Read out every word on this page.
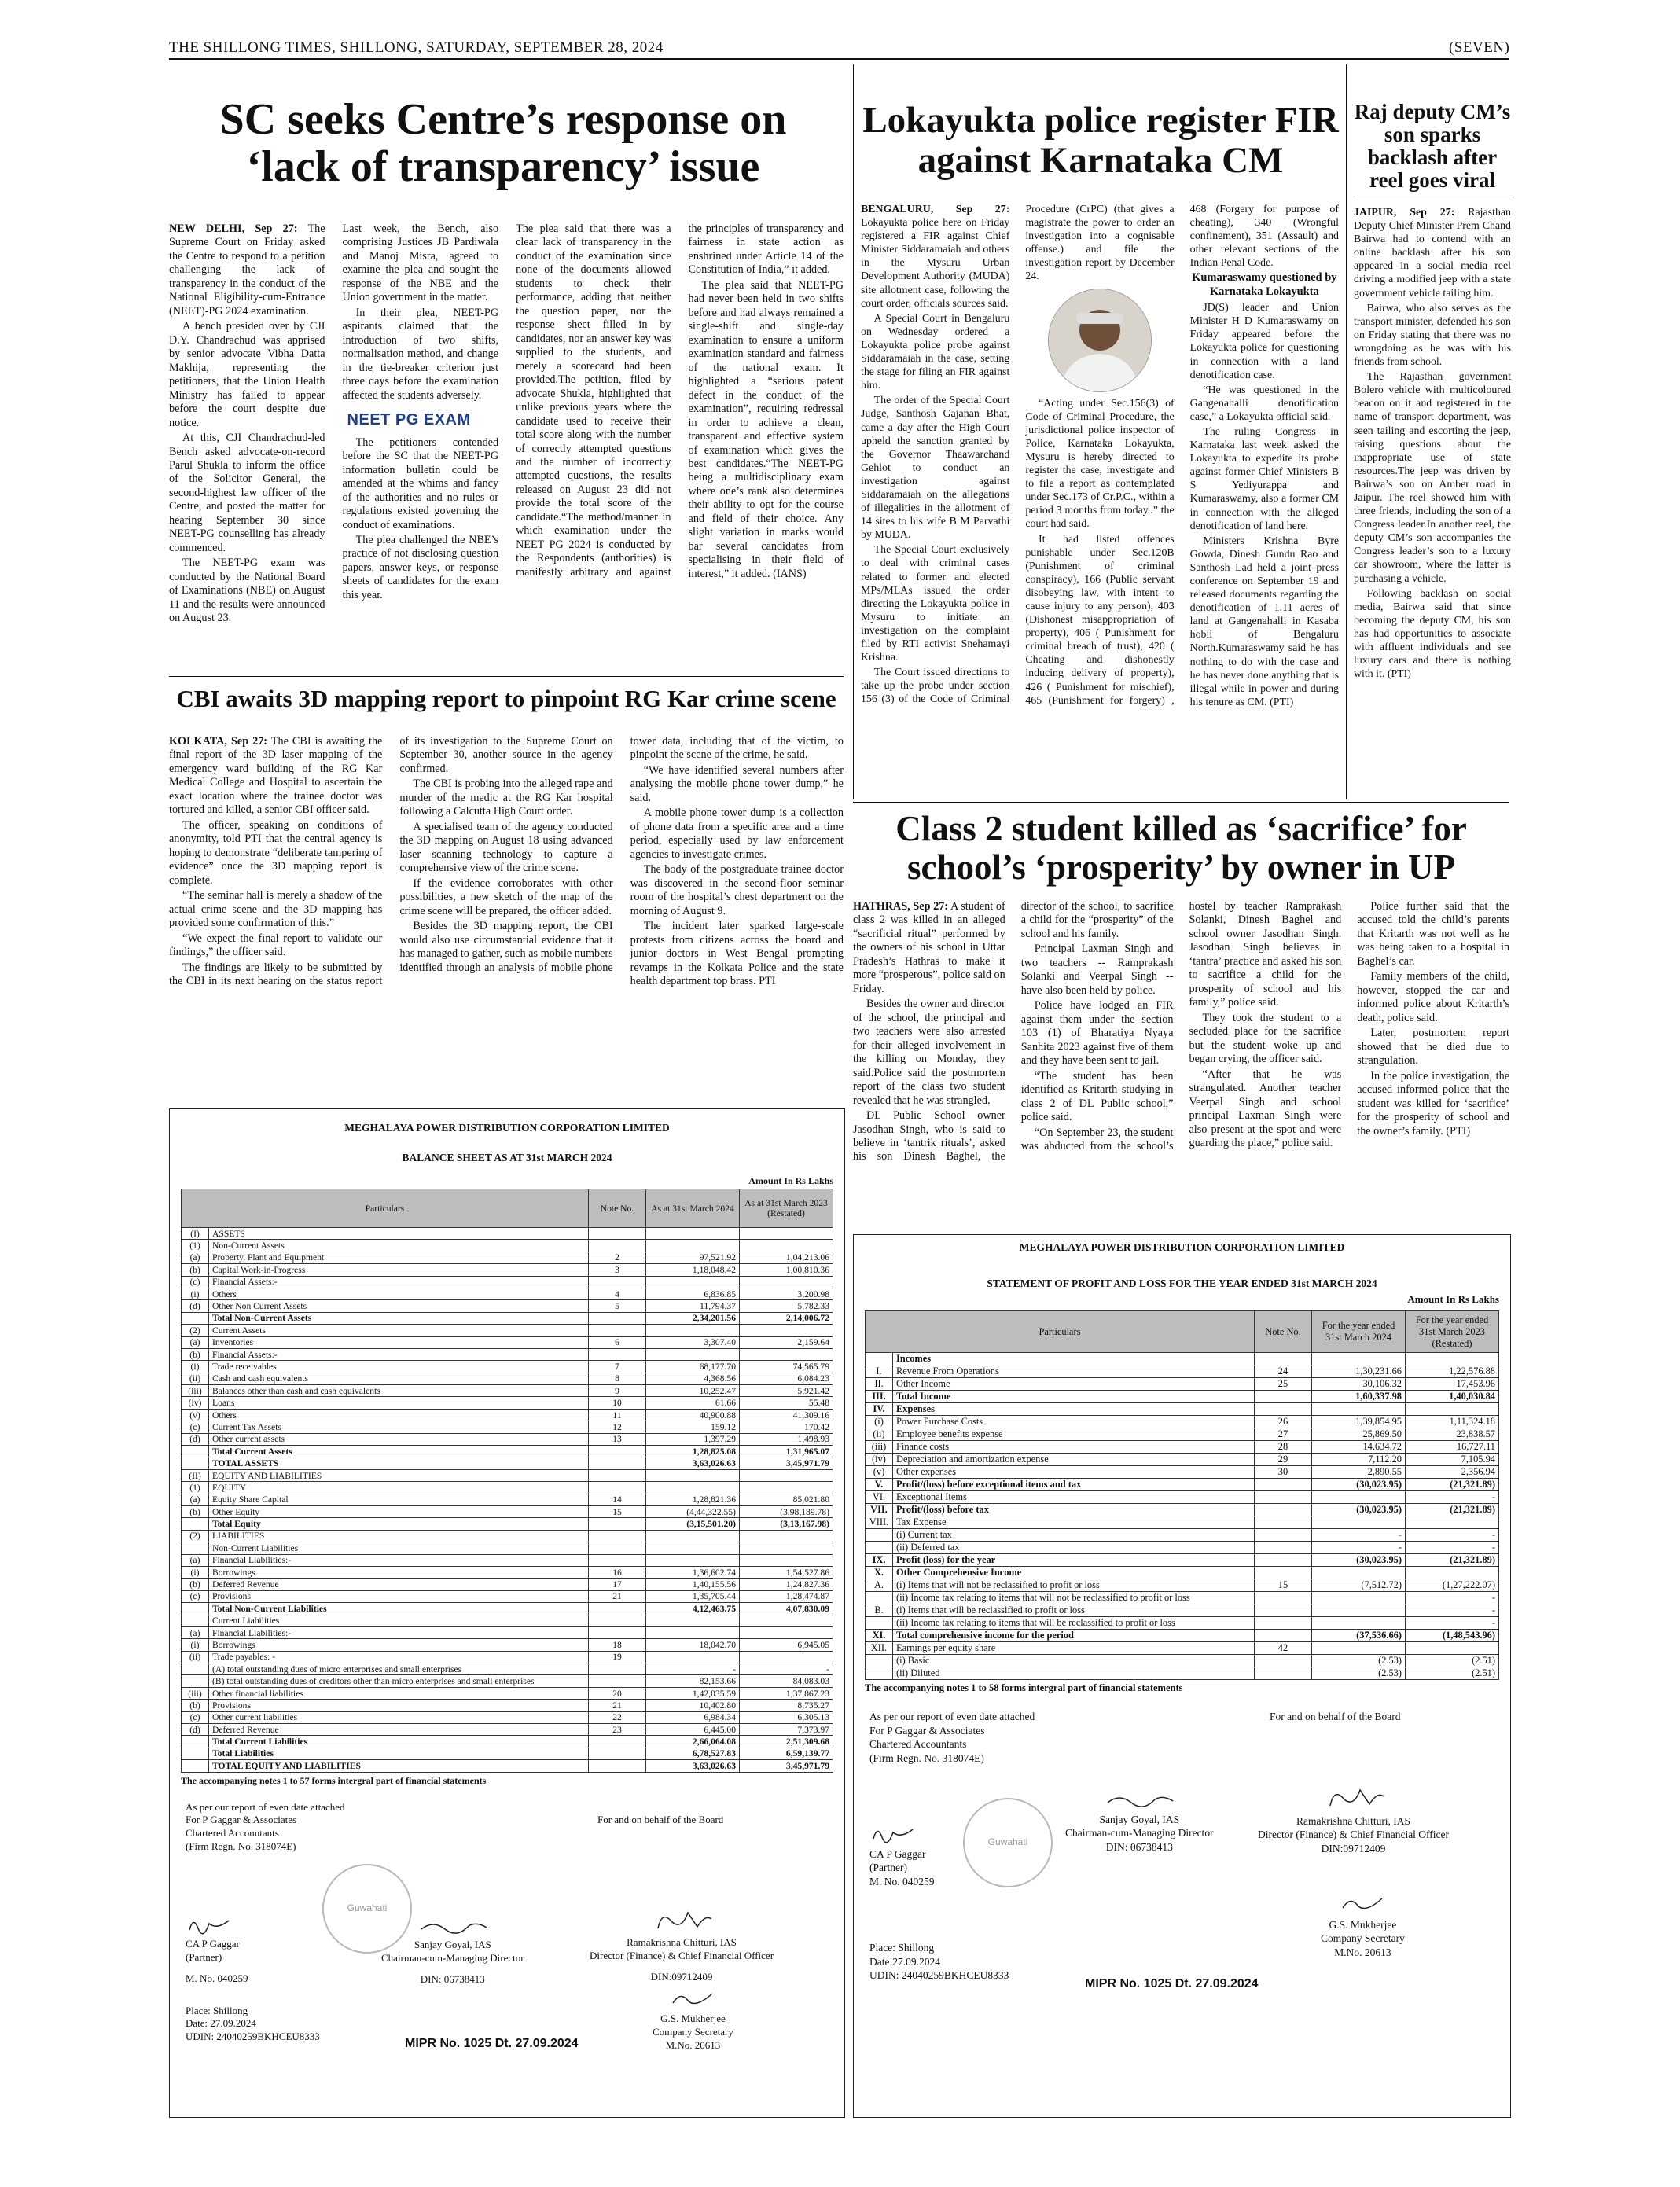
THE SHILLONG TIMES, SHILLONG, SATURDAY, SEPTEMBER 28, 2024	(SEVEN)
SC seeks Centre’s response on ‘lack of transparency’ issue

NEW DELHI, Sep 27: The Supreme Court on Friday asked the Centre to respond to a petition challenging the lack of transparency in the conduct of the National Eligibility-cum-Entrance (NEET)-PG 2024 examination.

A bench presided over by CJI D.Y. Chandrachud was apprised by senior advocate Vibha Datta Makhija, representing the petitioners, that the Union Health Ministry has failed to appear before the court despite due notice.

At this, CJI Chandrachud-led Bench asked advocate-on-record Parul Shukla to inform the office of the Solicitor General, the second-highest law officer of the Centre, and posted the matter for hearing September 30 since NEET-PG counselling has already commenced.

The NEET-PG exam was conducted by the National Board of Examinations (NBE) on August 11 and the results were announced on August 23.

Last week, the Bench, also comprising Justices JB Pardiwala and Manoj Misra, agreed to examine the plea and sought the response of the NBE and the Union government in the matter.

In their plea, NEET-PG aspirants claimed that the introduction of two shifts, normalisation method, and change in the tie-breaker criterion just three days before the examination affected the students adversely.

NEET PG EXAM

The petitioners contended before the SC that the NEET-PG information bulletin could be amended at the whims and fancy of the authorities and no rules or regulations existed governing the conduct of examinations.

The plea challenged the NBE’s practice of not disclosing question papers, answer keys, or response sheets of candidates for the exam this year.

The plea said that there was a clear lack of transparency in the conduct of the examination since none of the documents allowed students to check their performance, adding that neither the question paper, nor the response sheet filled in by candidates, nor an answer key was supplied to the students, and merely a scorecard had been provided.The petition, filed by advocate Shukla, highlighted that unlike previous years where the candidate used to receive their total score along with the number of correctly attempted questions and the number of incorrectly attempted questions, the results released on August 23 did not provide the total score of the candidate.“The method/manner in which examination under the NEET PG 2024 is conducted by the Respondents (authorities) is manifestly arbitrary and against the principles of transparency and fairness in state action as enshrined under Article 14 of the Constitution of India,” it added.

The plea said that NEET-PG had never been held in two shifts before and had always remained a single-shift and single-day examination to ensure a uniform examination standard and fairness of the national exam. It highlighted a “serious patent defect in the conduct of the examination”, requiring redressal in order to achieve a clean, transparent and effective system of examination which gives the best candidates.“The NEET-PG being a multidisciplinary exam where one’s rank also determines their ability to opt for the course and field of their choice. Any slight variation in marks would bar several candidates from specialising in their field of interest,” it added. (IANS)

CBI awaits 3D mapping report to pinpoint RG Kar crime scene

KOLKATA, Sep 27: The CBI is awaiting the final report of the 3D laser mapping of the emergency ward building of the RG Kar Medical College and Hospital to ascertain the exact location where the trainee doctor was tortured and killed, a senior CBI officer said.

The officer, speaking on conditions of anonymity, told PTI that the central agency is hoping to demonstrate “deliberate tampering of evidence” once the 3D mapping report is complete.

“The seminar hall is merely a shadow of the actual crime scene and the 3D mapping has provided some confirmation of this.”

“We expect the final report to validate our findings,” the officer said.

The findings are likely to be submitted by the CBI in its next hearing on the status report of its investigation to the Supreme Court on September 30, another source in the agency confirmed.

The CBI is probing into the alleged rape and murder of the medic at the RG Kar hospital following a Calcutta High Court order.

A specialised team of the agency conducted the 3D mapping on August 18 using advanced laser scanning technology to capture a comprehensive view of the crime scene.

If the evidence corroborates with other possibilities, a new sketch of the map of the crime scene will be prepared, the officer added.

Besides the 3D mapping report, the CBI would also use circumstantial evidence that it has managed to gather, such as mobile numbers identified through an analysis of mobile phone tower data, including that of the victim, to pinpoint the scene of the crime, he said.

“We have identified several numbers after analysing the mobile phone tower dump,” he said.

A mobile phone tower dump is a collection of phone data from a specific area and a time period, especially used by law enforcement agencies to investigate crimes.

The body of the postgraduate trainee doctor was discovered in the second-floor seminar room of the hospital’s chest department on the morning of August 9.

The incident later sparked large-scale protests from citizens across the board and junior doctors in West Bengal prompting revamps in the Kolkata Police and the state health department top brass. PTI

Lokayukta police register FIR against Karnataka CM

BENGALURU, Sep 27: Lokayukta police here on Friday registered a FIR against Chief Minister Siddaramaiah and others in the Mysuru Urban Development Authority (MUDA) site allotment case, following the court order, officials sources said.

A Special Court in Bengaluru on Wednesday ordered a Lokayukta police probe against Siddaramaiah in the case, setting the stage for filing an FIR against him.

The order of the Special Court Judge, Santhosh Gajanan Bhat, came a day after the High Court upheld the sanction granted by the Governor Thaawarchand Gehlot to conduct an investigation against Siddaramaiah on the allegations of illegalities in the allotment of 14 sites to his wife B M Parvathi by MUDA.

The Special Court exclusively to deal with criminal cases related to former and elected MPs/MLAs issued the order directing the Lokayukta police in Mysuru to initiate an investigation on the complaint filed by RTI activist Snehamayi Krishna.

The Court issued directions to take up the probe under section 156 (3) of the Code of Criminal Procedure (CrPC) (that gives a magistrate the power to order an investigation into a cognisable offense.) and file the investigation report by December 24.

“Acting under Sec.156(3) of Code of Criminal Procedure, the jurisdictional police inspector of Police, Karnataka Lokayukta, Mysuru is hereby directed to register the case, investigate and to file a report as contemplated under Sec.173 of Cr.P.C., within a period 3 months from today..” the court had said.

It had listed offences punishable under Sec.120B (Punishment of criminal conspiracy), 166 (Public servant disobeying law, with intent to cause injury to any person), 403 (Dishonest misappropriation of property), 406 ( Punishment for criminal breach of trust), 420 ( Cheating and dishonestly inducing delivery of property), 426 ( Punishment for mischief), 465 (Punishment for forgery) , 468 (Forgery for purpose of cheating), 340 (Wrongful confinement), 351 (Assault) and other relevant sections of the Indian Penal Code.

Kumaraswamy questioned by Karnataka Lokayukta

JD(S) leader and Union Minister H D Kumaraswamy on Friday appeared before the Lokayukta police for questioning in connection with a land denotification case.

“He was questioned in the Gangenahalli denotification case,” a Lokayukta official said.

The ruling Congress in Karnataka last week asked the Lokayukta to expedite its probe against former Chief Ministers B S Yediyurappa and Kumaraswamy, also a former CM in connection with the alleged denotification of land here.

Ministers Krishna Byre Gowda, Dinesh Gundu Rao and Santhosh Lad held a joint press conference on September 19 and released documents regarding the denotification of 1.11 acres of land at Gangenahalli in Kasaba hobli of Bengaluru North.Kumaraswamy said he has nothing to do with the case and he has never done anything that is illegal while in power and during his tenure as CM. (PTI)

Raj deputy CM’s son sparks backlash after reel goes viral

JAIPUR, Sep 27: Rajasthan Deputy Chief Minister Prem Chand Bairwa had to contend with an online backlash after his son appeared in a social media reel driving a modified jeep with a state government vehicle tailing him.

Bairwa, who also serves as the transport minister, defended his son on Friday stating that there was no wrongdoing as he was with his friends from school.

The Rajasthan government Bolero vehicle with multicoloured beacon on it and registered in the name of transport department, was seen tailing and escorting the jeep, raising questions about the inappropriate use of state resources.The jeep was driven by Bairwa’s son on Amber road in Jaipur. The reel showed him with three friends, including the son of a Congress leader.In another reel, the deputy CM’s son accompanies the Congress leader’s son to a luxury car showroom, where the latter is purchasing a vehicle.

Following backlash on social media, Bairwa said that since becoming the deputy CM, his son has had opportunities to associate with affluent individuals and see luxury cars and there is nothing with it. (PTI)

Class 2 student killed as ‘sacrifice’ for school’s ‘prosperity’ by owner in UP

HATHRAS, Sep 27: A student of class 2 was killed in an alleged “sacrificial ritual” performed by the owners of his school in Uttar Pradesh’s Hathras to make it more “prosperous”, police said on Friday.

Besides the owner and director of the school, the principal and two teachers were also arrested for their alleged involvement in the killing on Monday, they said.Police said the postmortem report of the class two student revealed that he was strangled.

DL Public School owner Jasodhan Singh, who is said to believe in ‘tantrik rituals’, asked his son Dinesh Baghel, the director of the school, to sacrifice a child for the “prosperity” of the school and his family.

Principal Laxman Singh and two teachers -- Ramprakash Solanki and Veerpal Singh -- have also been held by police.

Police have lodged an FIR against them under the section 103 (1) of Bharatiya Nyaya Sanhita 2023 against five of them and they have been sent to jail.

“The student has been identified as Kritarth studying in class 2 of DL Public school,” police said.

“On September 23, the student was abducted from the school’s hostel by teacher Ramprakash Solanki, Dinesh Baghel and school owner Jasodhan Singh. Jasodhan Singh believes in ‘tantra’ practice and asked his son to sacrifice a child for the prosperity of school and his family,” police said.

They took the student to a secluded place for the sacrifice but the student woke up and began crying, the officer said.

“After that he was strangulated. Another teacher Veerpal Singh and school principal Laxman Singh were also present at the spot and were guarding the place,” police said.

Police further said that the accused told the child’s parents that Kritarth was not well as he was being taken to a hospital in Baghel’s car.

Family members of the child, however, stopped the car and informed police about Kritarth’s death, police said.

Later, postmortem report showed that he died due to strangulation.

In the police investigation, the accused informed police that the student was killed for ‘sacrifice’ for the prosperity of school and the owner’s family. (PTI)

MEGHALAYA POWER DISTRIBUTION CORPORATION LIMITED
BALANCE SHEET AS AT 31st MARCH 2024
Amount In Rs Lakhs
Particulars		Note No.	As at 31st March 2024	As at 31st March 2023 (Restated)
(I)	ASSETS			
(1)	Non-Current Assets			
(a)	Property, Plant and Equipment	2	97,521.92	1,04,213.06
(b)	Capital Work-in-Progress	3	1,18,048.42	1,00,810.36
(c)	Financial Assets:-			
(i)	Others	4	6,836.85	3,200.98
(d)	Other Non Current Assets	5	11,794.37	5,782.33
	Total Non-Current Assets		2,34,201.56	2,14,006.72
(2)	Current Assets			
(a)	Inventories	6	3,307.40	2,159.64
(b)	Financial Assets:-			
(i)	Trade receivables	7	68,177.70	74,565.79
(ii)	Cash and cash equivalents	8	4,368.56	6,084.23
(iii)	Balances other than cash and cash equivalents	9	10,252.47	5,921.42
(iv)	Loans	10	61.66	55.48
(v)	Others	11	40,900.88	41,309.16
(c)	Current Tax Assets	12	159.12	170.42
(d)	Other current assets	13	1,397.29	1,498.93
	Total Current Assets		1,28,825.08	1,31,965.07
	TOTAL ASSETS		3,63,026.63	3,45,971.79
(II)	EQUITY AND LIABILITIES			
(1)	EQUITY			
(a)	Equity Share Capital	14	1,28,821.36	85,021.80
(b)	Other Equity	15	(4,44,322.55)	(3,98,189.78)
	Total Equity		(3,15,501.20)	(3,13,167.98)
(2)	LIABILITIES			
	Non-Current Liabilities			
(a)	Financial Liabilities:-			
(i)	Borrowings	16	1,36,602.74	1,54,527.86
(b)	Deferred Revenue	17	1,40,155.56	1,24,827.36
(c)	Provisions	21	1,35,705.44	1,28,474.87
	Total Non-Current Liabilities		4,12,463.75	4,07,830.09
	Current Liabilities			
(a)	Financial Liabilities:-			
(i)	Borrowings	18	18,042.70	6,945.05
(ii)	Trade payables: -	19		
	(A) total outstanding dues of micro enterprises and small enterprises		-	-
	(B) total outstanding dues of creditors other than micro enterprises and small enterprises		82,153.66	84,083.03
(iii)	Other financial liabilities	20	1,42,035.59	1,37,867.23
(b)	Provisions	21	10,402.80	8,735.27
(c)	Other current liabilities	22	6,984.34	6,305.13
(d)	Deferred Revenue	23	6,445.00	7,373.97
	Total Current Liabilities		2,66,064.08	2,51,309.68
	Total Liabilities		6,78,527.83	6,59,139.77
	TOTAL EQUITY AND LIABILITIES		3,63,026.63	3,45,971.79
The accompanying notes 1 to 57 forms intergral part of financial statements
As per our report of even date attached
For P Gaggar & Associates
Chartered Accountants
(Firm Regn. No. 318074E)
For and on behalf of the Board
Guwahati
CA P Gaggar
(Partner)
M. No. 040259
Sanjay Goyal, IAS
Chairman-cum-Managing Director
DIN: 06738413
Ramakrishna Chitturi, IAS
Director (Finance) & Chief Financial Officer
DIN:09712409
G.S. Mukherjee
Company Secretary
M.No. 20613
Place: Shillong
Date: 27.09.2024
UDIN: 24040259BKHCEU8333	MIPR No. 1025 Dt. 27.09.2024
MEGHALAYA POWER DISTRIBUTION CORPORATION LIMITED
STATEMENT OF PROFIT AND LOSS FOR THE YEAR ENDED 31st MARCH 2024
Amount In Rs Lakhs
Particulars		Note No.	For the year ended 31st March 2024	For the year ended 31st March 2023 (Restated)
	Incomes			
I.	Revenue From Operations	24	1,30,231.66	1,22,576.88
II.	Other Income	25	30,106.32	17,453.96
III.	Total Income		1,60,337.98	1,40,030.84
IV.	Expenses			
(i)	Power Purchase Costs	26	1,39,854.95	1,11,324.18
(ii)	Employee benefits expense	27	25,869.50	23,838.57
(iii)	Finance costs	28	14,634.72	16,727.11
(iv)	Depreciation and amortization expense	29	7,112.20	7,105.94
(v)	Other expenses	30	2,890.55	2,356.94
V.	Profit/(loss) before exceptional items and tax		(30,023.95)	(21,321.89)
VI.	Exceptional Items			-
VII.	Profit/(loss) before tax		(30,023.95)	(21,321.89)
VIII.	Tax Expense			
	(i) Current tax		-	-
	(ii) Deferred tax		-	-
IX.	Profit (loss) for the year		(30,023.95)	(21,321.89)
X.	Other Comprehensive Income			
A.	(i) Items that will not be reclassified to profit or loss	15	(7,512.72)	(1,27,222.07)
	(ii) Income tax relating to items that will not be reclassified to profit or loss			-
B.	(i) Items that will be reclassified to profit or loss			-
	(ii) Income tax relating to items that will be reclassified to profit or loss			-
XI.	Total comprehensive income for the period		(37,536.66)	(1,48,543.96)
XII.	Earnings per equity share	42		
	(i) Basic		(2.53)	(2.51)
	(ii) Diluted		(2.53)	(2.51)
The accompanying notes 1 to 58 forms intergral part of financial statements
As per our report of even date attached
For P Gaggar & Associates
Chartered Accountants
(Firm Regn. No. 318074E)
For and on behalf of the Board
Guwahati
CA P Gaggar
(Partner)
M. No. 040259
Sanjay Goyal, IAS
Chairman-cum-Managing Director
DIN: 06738413
Ramakrishna Chitturi, IAS
Director (Finance) & Chief Financial Officer
DIN:09712409
G.S. Mukherjee
Company Secretary
M.No. 20613
Place: Shillong
Date:27.09.2024
UDIN: 24040259BKHCEU8333
MIPR No. 1025 Dt. 27.09.2024
